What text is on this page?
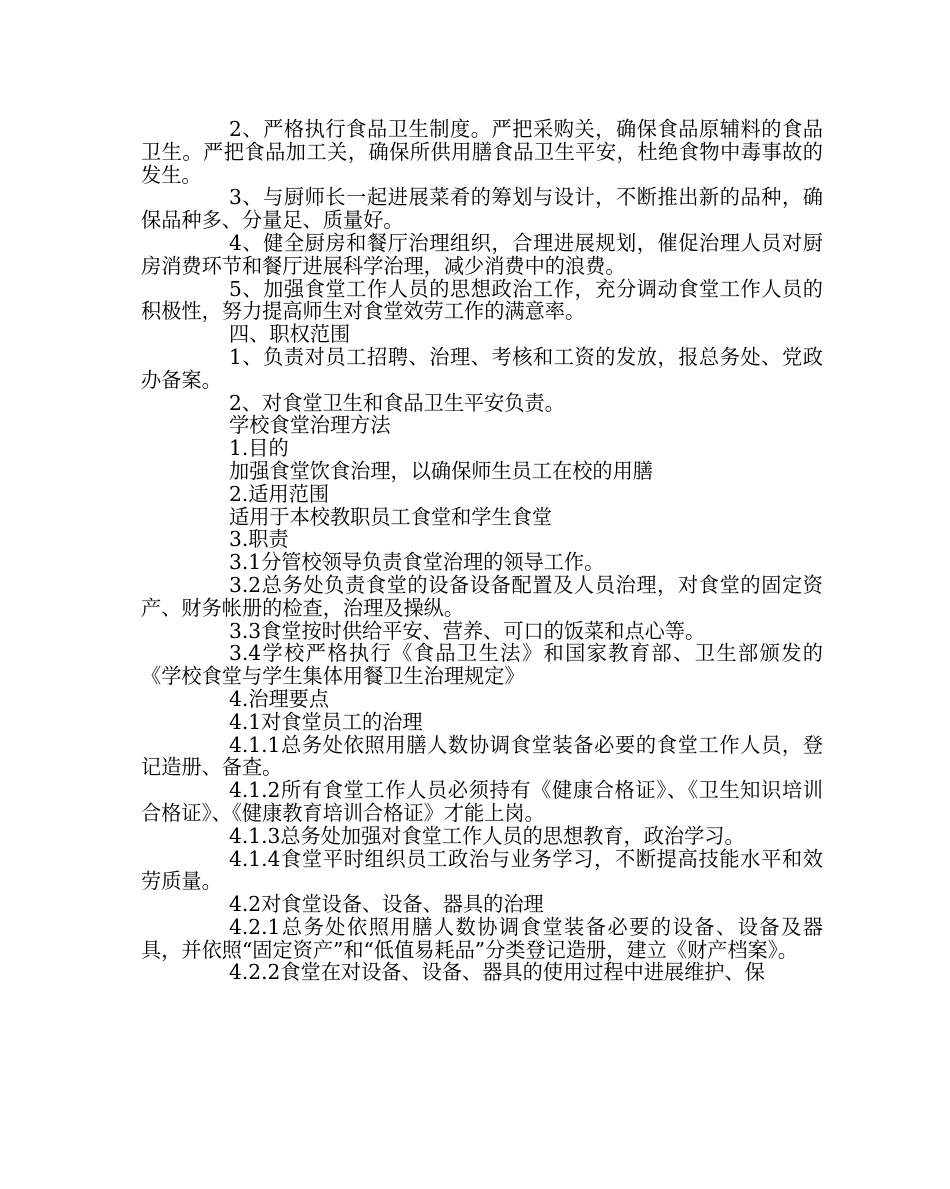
2、严格执行食品卫生制度。严把采购关，确保食品原辅料的食品卫生。严把食品加工关，确保所供用膳食品卫生平安，杜绝食物中毒事故的发生。

3、与厨师长一起进展菜肴的筹划与设计，不断推出新的品种，确保品种多、分量足、质量好。

4、健全厨房和餐厅治理组织，合理进展规划，催促治理人员对厨房消费环节和餐厅进展科学治理，减少消费中的浪费。

5、加强食堂工作人员的思想政治工作，充分调动食堂工作人员的积极性，努力提高师生对食堂效劳工作的满意率。

四、职权范围

1、负责对员工招聘、治理、考核和工资的发放，报总务处、党政办备案。

2、对食堂卫生和食品卫生平安负责。

学校食堂治理方法

1.目的

加强食堂饮食治理，以确保师生员工在校的用膳

2.适用范围

适用于本校教职员工食堂和学生食堂

3.职责

3.1分管校领导负责食堂治理的领导工作。

3.2总务处负责食堂的设备设备配置及人员治理，对食堂的固定资产、财务帐册的检查，治理及操纵。

3.3食堂按时供给平安、营养、可口的饭菜和点心等。

3.4学校严格执行《食品卫生法》和国家教育部、卫生部颁发的《学校食堂与学生集体用餐卫生治理规定》

4.治理要点

4.1对食堂员工的治理

4.1.1总务处依照用膳人数协调食堂装备必要的食堂工作人员，登记造册、备查。

4.1.2所有食堂工作人员必须持有《健康合格证》、《卫生知识培训合格证》、《健康教育培训合格证》才能上岗。

4.1.3总务处加强对食堂工作人员的思想教育，政治学习。

4.1.4食堂平时组织员工政治与业务学习，不断提高技能水平和效劳质量。

4.2对食堂设备、设备、器具的治理

4.2.1总务处依照用膳人数协调食堂装备必要的设备、设备及器具，并依照“固定资产”和“低值易耗品”分类登记造册，建立《财产档案》。

4.2.2食堂在对设备、设备、器具的使用过程中进展维护、保
